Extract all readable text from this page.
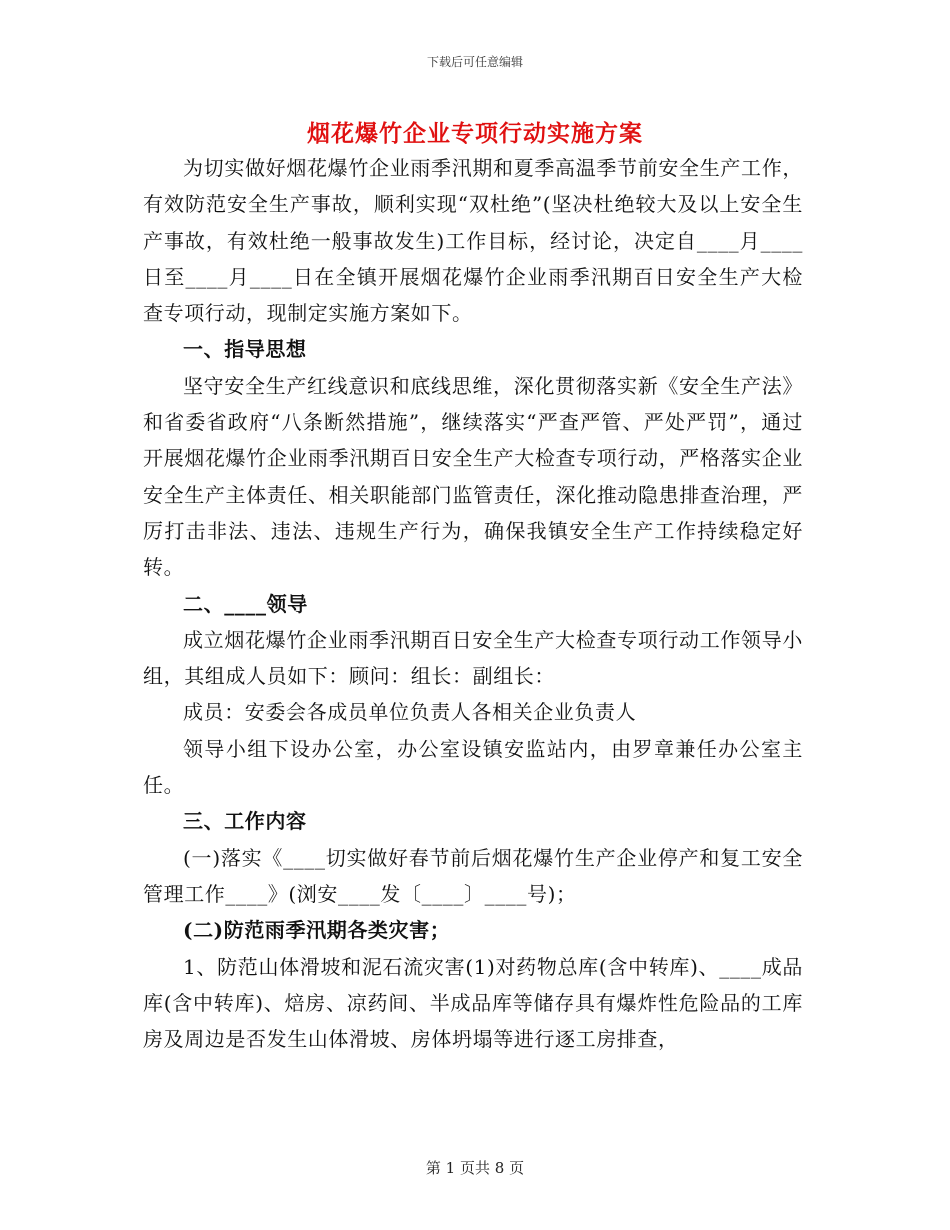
下载后可任意编辑
烟花爆竹企业专项行动实施方案

为切实做好烟花爆竹企业雨季汛期和夏季高温季节前安全生产工作，有效防范安全生产事故，顺利实现“双杜绝”(坚决杜绝较大及以上安全生产事故，有效杜绝一般事故发生)工作目标，经讨论，决定自____月____日至____月____日在全镇开展烟花爆竹企业雨季汛期百日安全生产大检查专项行动，现制定实施方案如下。

一、指导思想

坚守安全生产红线意识和底线思维，深化贯彻落实新《安全生产法》和省委省政府“八条断然措施”，继续落实“严查严管、严处严罚”，通过开展烟花爆竹企业雨季汛期百日安全生产大检查专项行动，严格落实企业安全生产主体责任、相关职能部门监管责任，深化推动隐患排查治理，严厉打击非法、违法、违规生产行为，确保我镇安全生产工作持续稳定好转。

二、____领导

成立烟花爆竹企业雨季汛期百日安全生产大检查专项行动工作领导小组，其组成人员如下：顾问：组长：副组长：

成员：安委会各成员单位负责人各相关企业负责人

领导小组下设办公室，办公室设镇安监站内，由罗章兼任办公室主任。

三、工作内容

(一)落实《____切实做好春节前后烟花爆竹生产企业停产和复工安全管理工作____》(浏安____发〔____〕____号)；

(二)防范雨季汛期各类灾害；

1、防范山体滑坡和泥石流灾害(1)对药物总库(含中转库)、____成品库(含中转库)、焙房、凉药间、半成品库等储存具有爆炸性危险品的工库房及周边是否发生山体滑坡、房体坍塌等进行逐工房排查，

第 1 页共 8 页
